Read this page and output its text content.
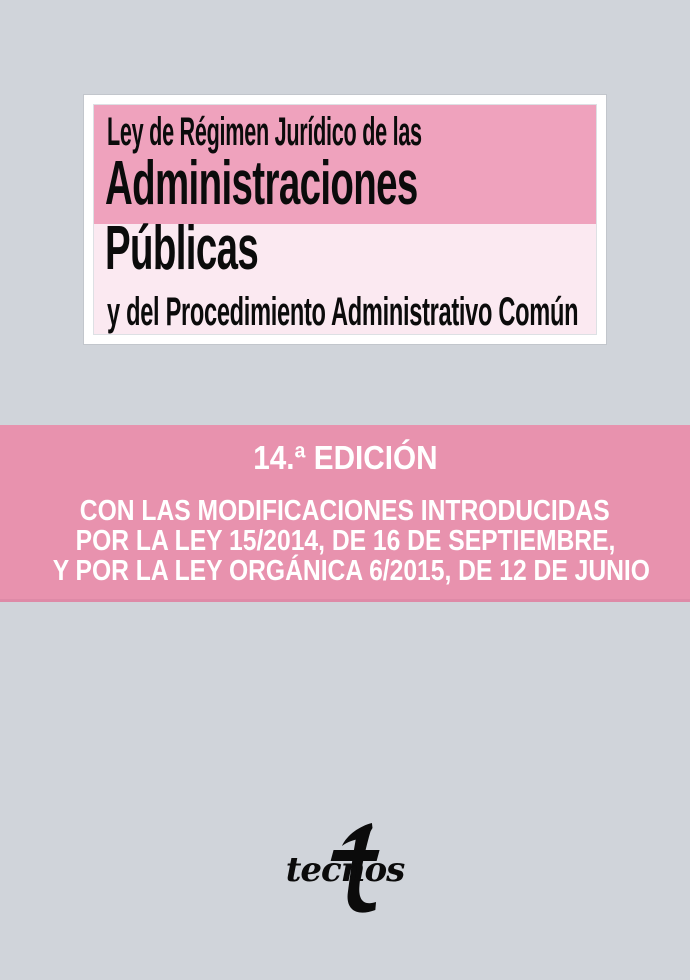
Ley de Régimen Jurídico de las
Administraciones
Públicas
y del Procedimiento Administrativo Común
14.ª EDICIÓN
CON LAS MODIFICACIONES INTRODUCIDAS
POR LA LEY 15/2014, DE 16 DE SEPTIEMBRE,
Y POR LA LEY ORGÁNICA 6/2015, DE 12 DE JUNIO
tecnos
